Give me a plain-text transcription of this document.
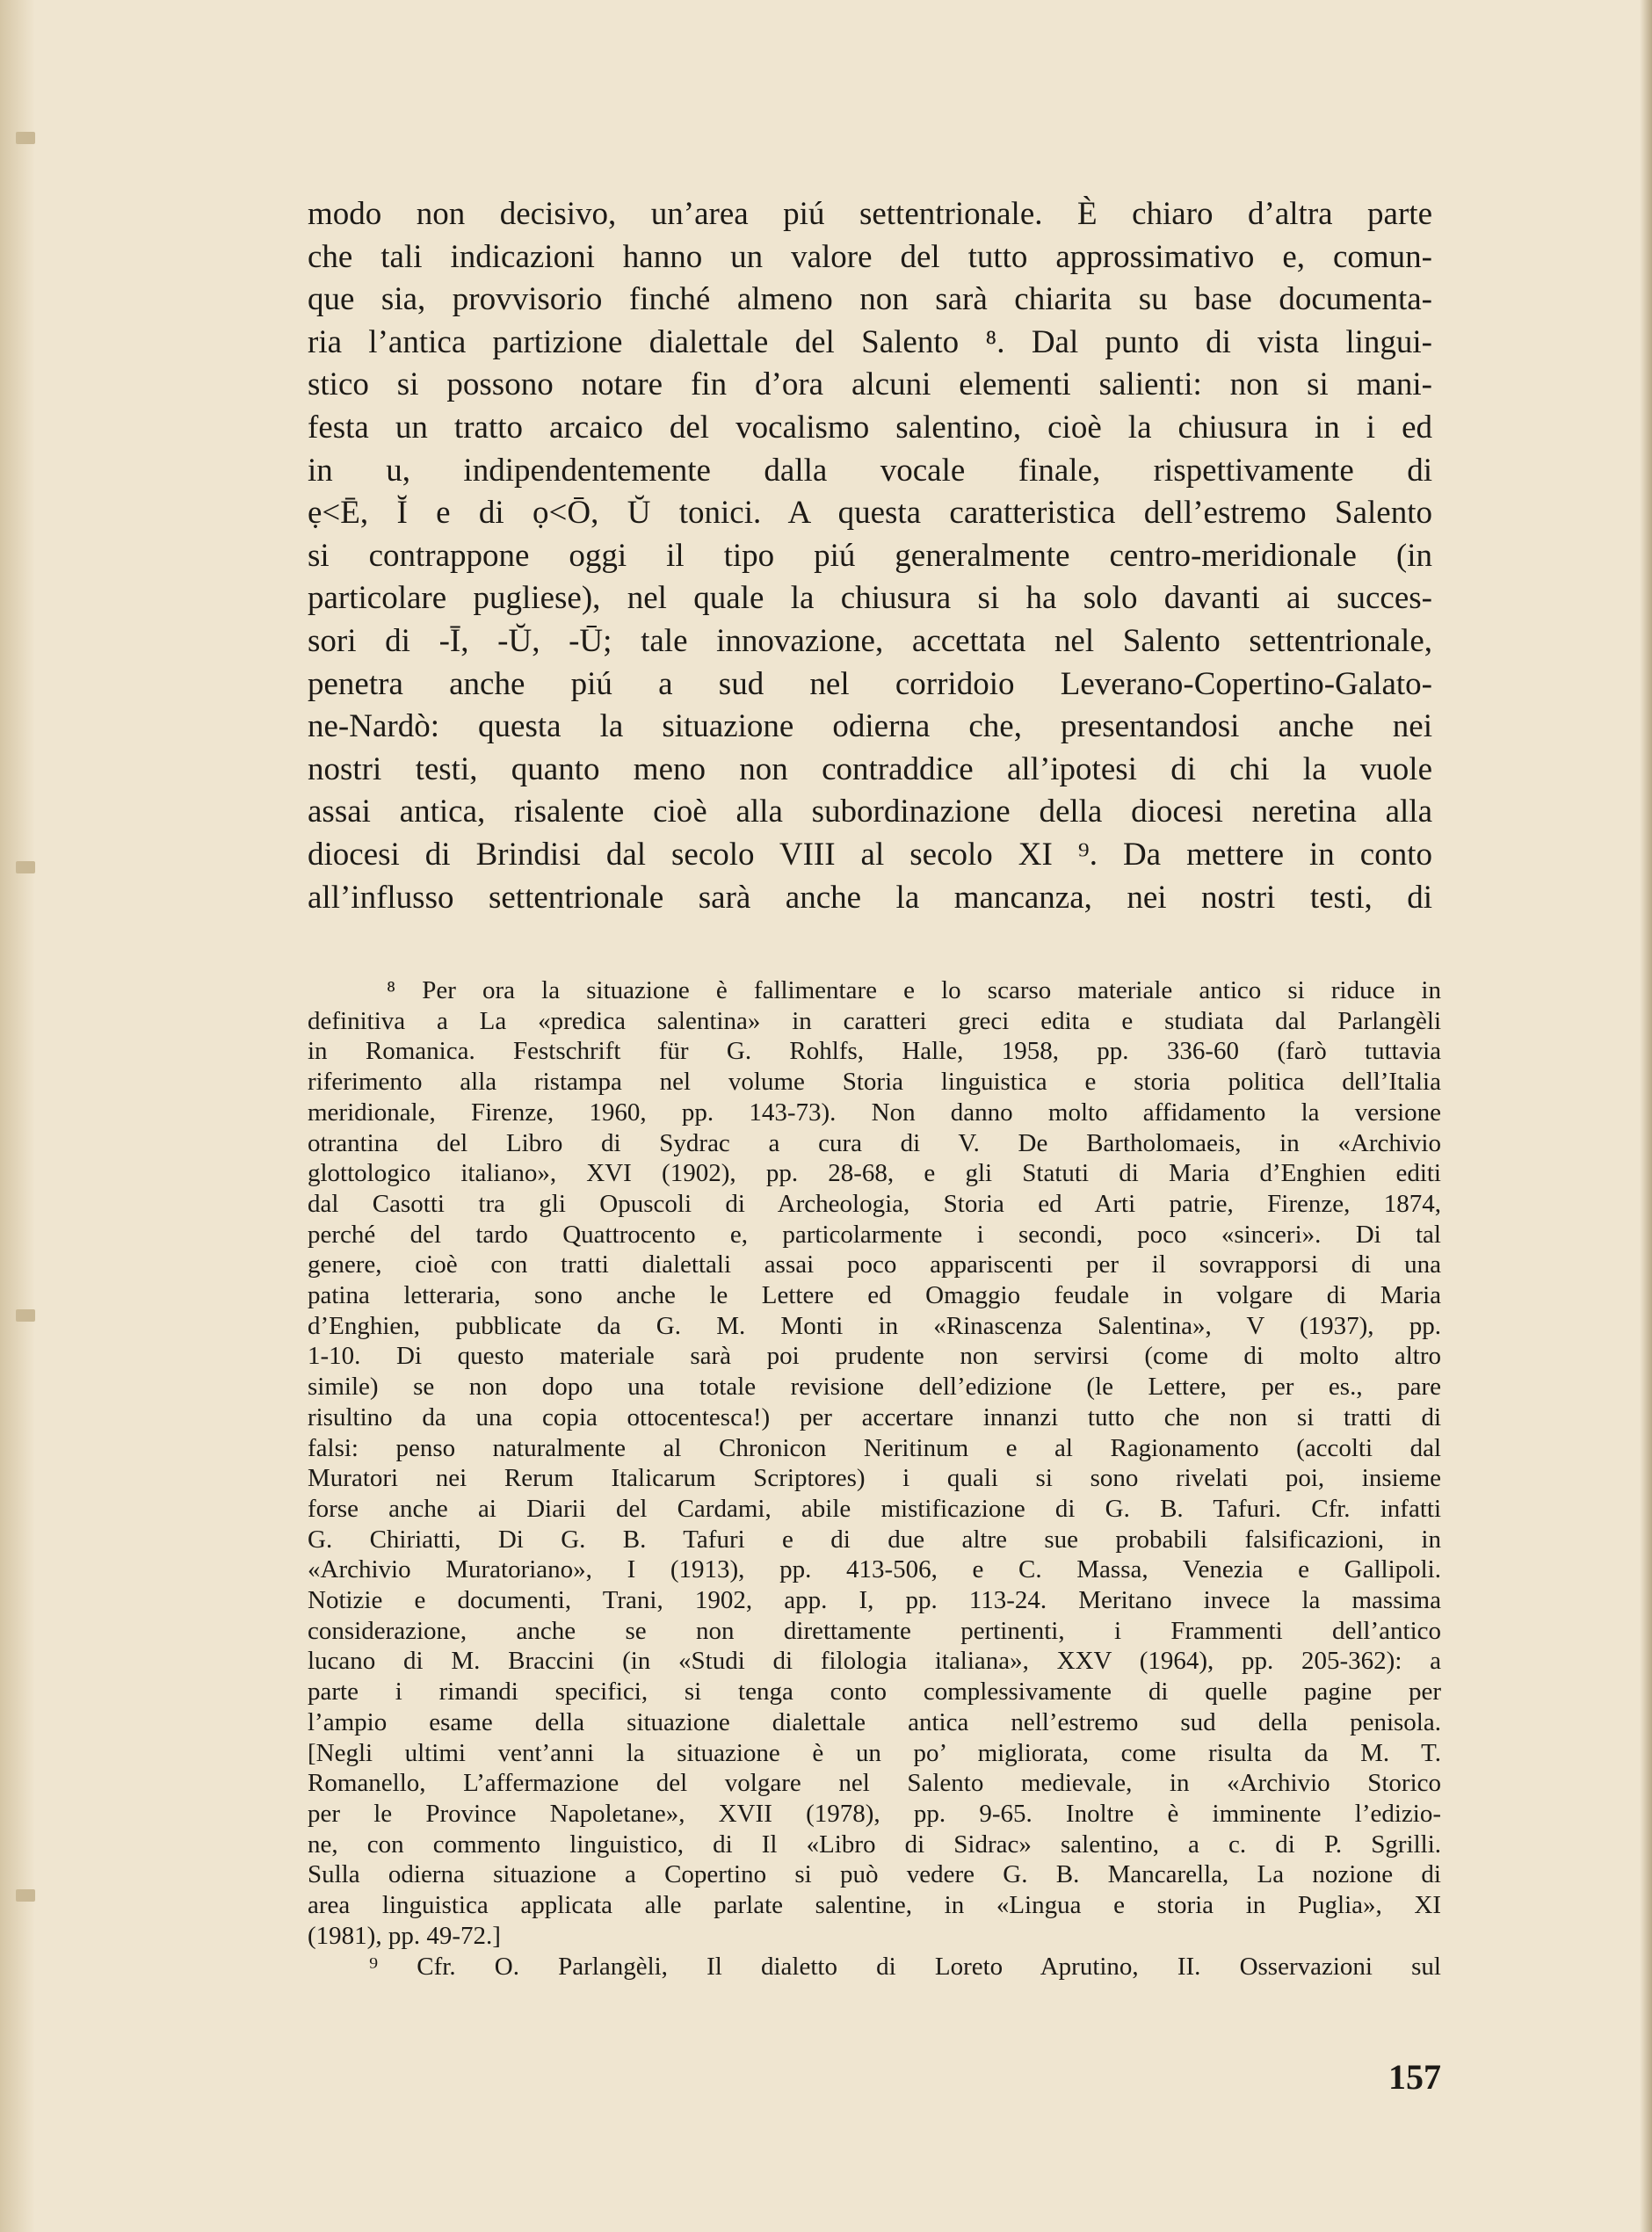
modo non decisivo, un’area piú settentrionale. È chiaro d’altra parte
che tali indicazioni hanno un valore del tutto approssimativo e, comun-
que sia, provvisorio finché almeno non sarà chiarita su base documenta-
ria l’antica partizione dialettale del Salento ⁸. Dal punto di vista lingui-
stico si possono notare fin d’ora alcuni elementi salienti: non si mani-
festa un tratto arcaico del vocalismo salentino, cioè la chiusura in i ed
in u, indipendentemente dalla vocale finale, rispettivamente di
ẹ<Ē, Ĭ e di ọ<Ō, Ŭ tonici. A questa caratteristica dell’estremo Salento
si contrappone oggi il tipo piú generalmente centro-meridionale (in
particolare pugliese), nel quale la chiusura si ha solo davanti ai succes-
sori di -Ī, -Ŭ, -Ū; tale innovazione, accettata nel Salento settentrionale,
penetra anche piú a sud nel corridoio Leverano-Copertino-Galato-
ne-Nardò: questa la situazione odierna che, presentandosi anche nei
nostri testi, quanto meno non contraddice all’ipotesi di chi la vuole
assai antica, risalente cioè alla subordinazione della diocesi neretina alla
diocesi di Brindisi dal secolo VIII al secolo XI ⁹. Da mettere in conto
all’influsso settentrionale sarà anche la mancanza, nei nostri testi, di
⁸ Per ora la situazione è fallimentare e lo scarso materiale antico si riduce in
definitiva a La «predica salentina» in caratteri greci edita e studiata dal Parlangèli
in Romanica. Festschrift für G. Rohlfs, Halle, 1958, pp. 336-60 (farò tuttavia
riferimento alla ristampa nel volume Storia linguistica e storia politica dell’Italia
meridionale, Firenze, 1960, pp. 143-73). Non danno molto affidamento la versione
otrantina del Libro di Sydrac a cura di V. De Bartholomaeis, in «Archivio
glottologico italiano», XVI (1902), pp. 28-68, e gli Statuti di Maria d’Enghien editi
dal Casotti tra gli Opuscoli di Archeologia, Storia ed Arti patrie, Firenze, 1874,
perché del tardo Quattrocento e, particolarmente i secondi, poco «sinceri». Di tal
genere, cioè con tratti dialettali assai poco appariscenti per il sovrapporsi di una
patina letteraria, sono anche le Lettere ed Omaggio feudale in volgare di Maria
d’Enghien, pubblicate da G. M. Monti in «Rinascenza Salentina», V (1937), pp.
1-10. Di questo materiale sarà poi prudente non servirsi (come di molto altro
simile) se non dopo una totale revisione dell’edizione (le Lettere, per es., pare
risultino da una copia ottocentesca!) per accertare innanzi tutto che non si tratti di
falsi: penso naturalmente al Chronicon Neritinum e al Ragionamento (accolti dal
Muratori nei Rerum Italicarum Scriptores) i quali si sono rivelati poi, insieme
forse anche ai Diarii del Cardami, abile mistificazione di G. B. Tafuri. Cfr. infatti
G. Chiriatti, Di G. B. Tafuri e di due altre sue probabili falsificazioni, in
«Archivio Muratoriano», I (1913), pp. 413-506, e C. Massa, Venezia e Gallipoli.
Notizie e documenti, Trani, 1902, app. I, pp. 113-24. Meritano invece la massima
considerazione, anche se non direttamente pertinenti, i Frammenti dell’antico
lucano di M. Braccini (in «Studi di filologia italiana», XXV (1964), pp. 205-362): a
parte i rimandi specifici, si tenga conto complessivamente di quelle pagine per
l’ampio esame della situazione dialettale antica nell’estremo sud della penisola.
[Negli ultimi vent’anni la situazione è un po’ migliorata, come risulta da M. T.
Romanello, L’affermazione del volgare nel Salento medievale, in «Archivio Storico
per le Province Napoletane», XVII (1978), pp. 9-65. Inoltre è imminente l’edizio-
ne, con commento linguistico, di Il «Libro di Sidrac» salentino, a c. di P. Sgrilli.
Sulla odierna situazione a Copertino si può vedere G. B. Mancarella, La nozione di
area linguistica applicata alle parlate salentine, in «Lingua e storia in Puglia», XI
(1981), pp. 49-72.]
⁹ Cfr. O. Parlangèli, Il dialetto di Loreto Aprutino, II. Osservazioni sul
157
